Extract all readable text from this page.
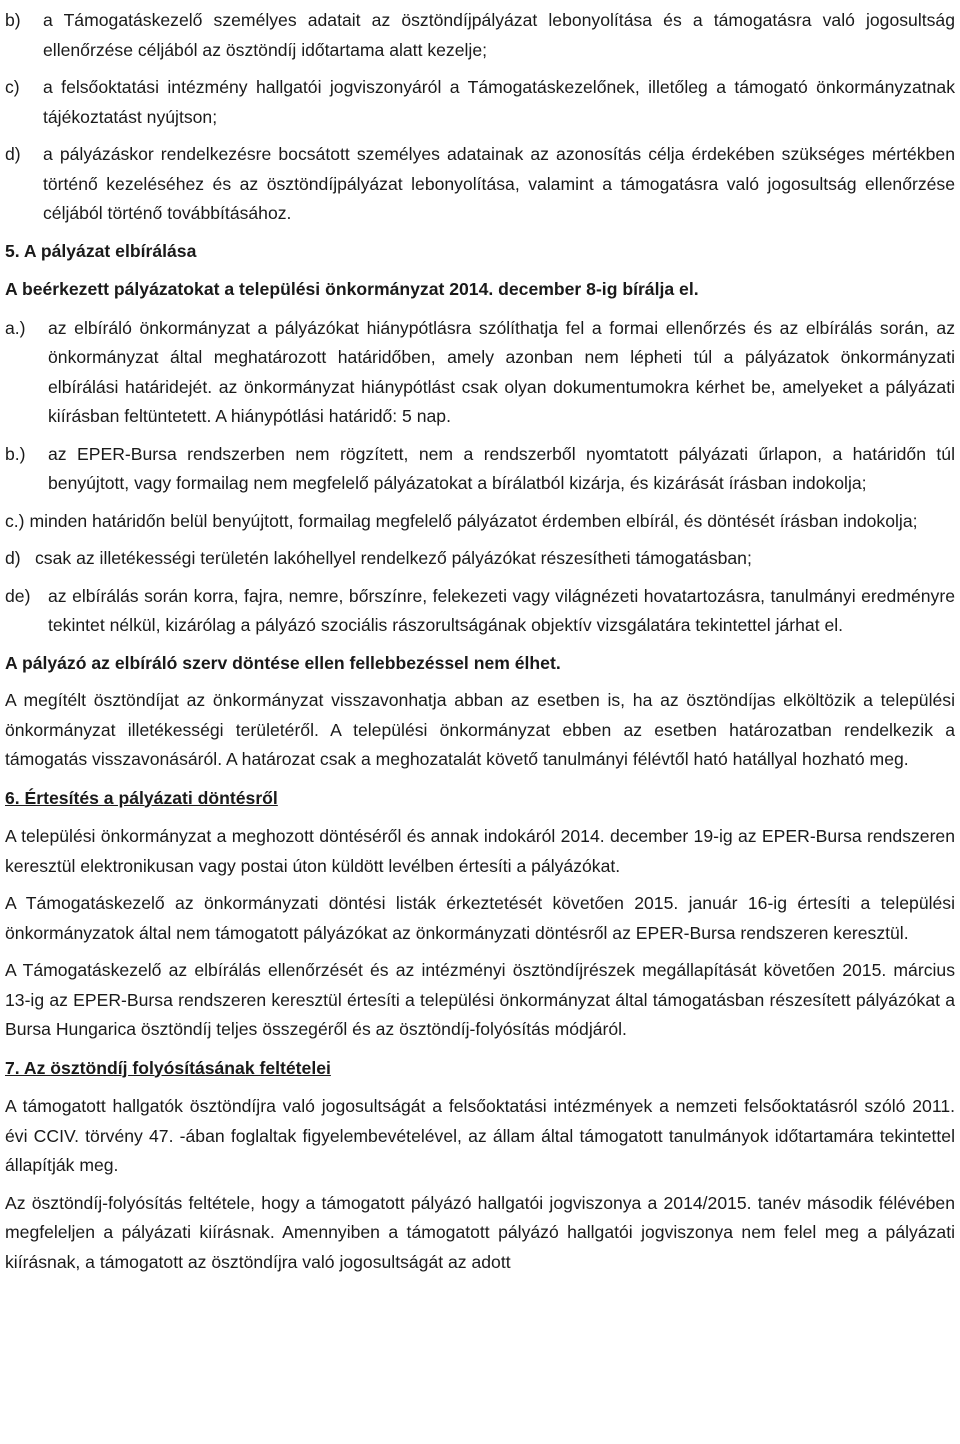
b)	a Támogatáskezelő személyes adatait az ösztöndíjpályázat lebonyolítása és a támogatásra való jogosultság ellenőrzése céljából az ösztöndíj időtartama alatt kezelje;
c)	a felsőoktatási intézmény hallgatói jogviszonyáról a Támogatáskezelőnek, illetőleg a támogató önkormányzatnak tájékoztatást nyújtson;
d)	a pályázáskor rendelkezésre bocsátott személyes adatainak az azonosítás célja érdekében szükséges mértékben történő kezeléséhez és az ösztöndíjpályázat lebonyolítása, valamint a támogatásra való jogosultság ellenőrzése céljából történő továbbításához.
5. A pályázat elbírálása
A beérkezett pályázatokat a települési önkormányzat 2014. december 8-ig bírálja el.
a.)	az elbíráló önkormányzat a pályázókat hiánypótlásra szólíthatja fel a formai ellenőrzés és az elbírálás során, az önkormányzat által meghatározott határidőben, amely azonban nem lépheti túl a pályázatok önkormányzati elbírálási határidejét. az önkormányzat hiánypótlást csak olyan dokumentumokra kérhet be, amelyeket a pályázati kiírásban feltüntetett. A hiánypótlási határidő: 5 nap.
b.)	az EPER-Bursa rendszerben nem rögzített, nem a rendszerből nyomtatott pályázati űrlapon, a határidőn túl benyújtott, vagy formailag nem megfelelő pályázatokat a bírálatból kizárja, és kizárását írásban indokolja;
c.) minden határidőn belül benyújtott, formailag megfelelő pályázatot érdemben elbírál, és döntését írásban indokolja;
d) csak az illetékességi területén lakóhellyel rendelkező pályázókat részesítheti támogatásban;
de) az elbírálás során korra, fajra, nemre, bőrszínre, felekezeti vagy világnézeti hovatartozásra, tanulmányi eredményre tekintet nélkül, kizárólag a pályázó szociális rászorultságának objektív vizsgálatára tekintettel járhat el.
A pályázó az elbíráló szerv döntése ellen fellebbezéssel nem élhet.
A megítélt ösztöndíjat az önkormányzat visszavonhatja abban az esetben is, ha az ösztöndíjas elköltözik a települési önkormányzat illetékességi területéről. A települési önkormányzat ebben az esetben határozatban rendelkezik a támogatás visszavonásáról. A határozat csak a meghozatalát követő tanulmányi félévtől ható hatállyal hozható meg.
6. Értesítés a pályázati döntésről
A települési önkormányzat a meghozott döntéséről és annak indokáról 2014. december 19-ig az EPER-Bursa rendszeren keresztül elektronikusan vagy postai úton küldött levélben értesíti a pályázókat.
A Támogatáskezelő az önkormányzati döntési listák érkeztetését követően 2015. január 16-ig értesíti a települési önkormányzatok által nem támogatott pályázókat az önkormányzati döntésről az EPER-Bursa rendszeren keresztül.
A Támogatáskezelő az elbírálás ellenőrzését és az intézményi ösztöndíjrészek megállapítását követően 2015. március 13-ig az EPER-Bursa rendszeren keresztül értesíti a települési önkormányzat által támogatásban részesített pályázókat a Bursa Hungarica ösztöndíj teljes összegéről és az ösztöndíj-folyósítás módjáról.
7. Az ösztöndíj folyósításának feltételei
A támogatott hallgatók ösztöndíjra való jogosultságát a felsőoktatási intézmények a nemzeti felsőoktatásról szóló 2011. évi CCIV. törvény 47. -ában foglaltak figyelembevételével, az állam által támogatott tanulmányok időtartamára tekintettel állapítják meg.
Az ösztöndíj-folyósítás feltétele, hogy a támogatott pályázó hallgatói jogviszonya a 2014/2015. tanév második félévében megfeleljen a pályázati kiírásnak. Amennyiben a támogatott pályázó hallgatói jogviszonya nem felel meg a pályázati kiírásnak, a támogatott az ösztöndíjra való jogosultságát az adott
